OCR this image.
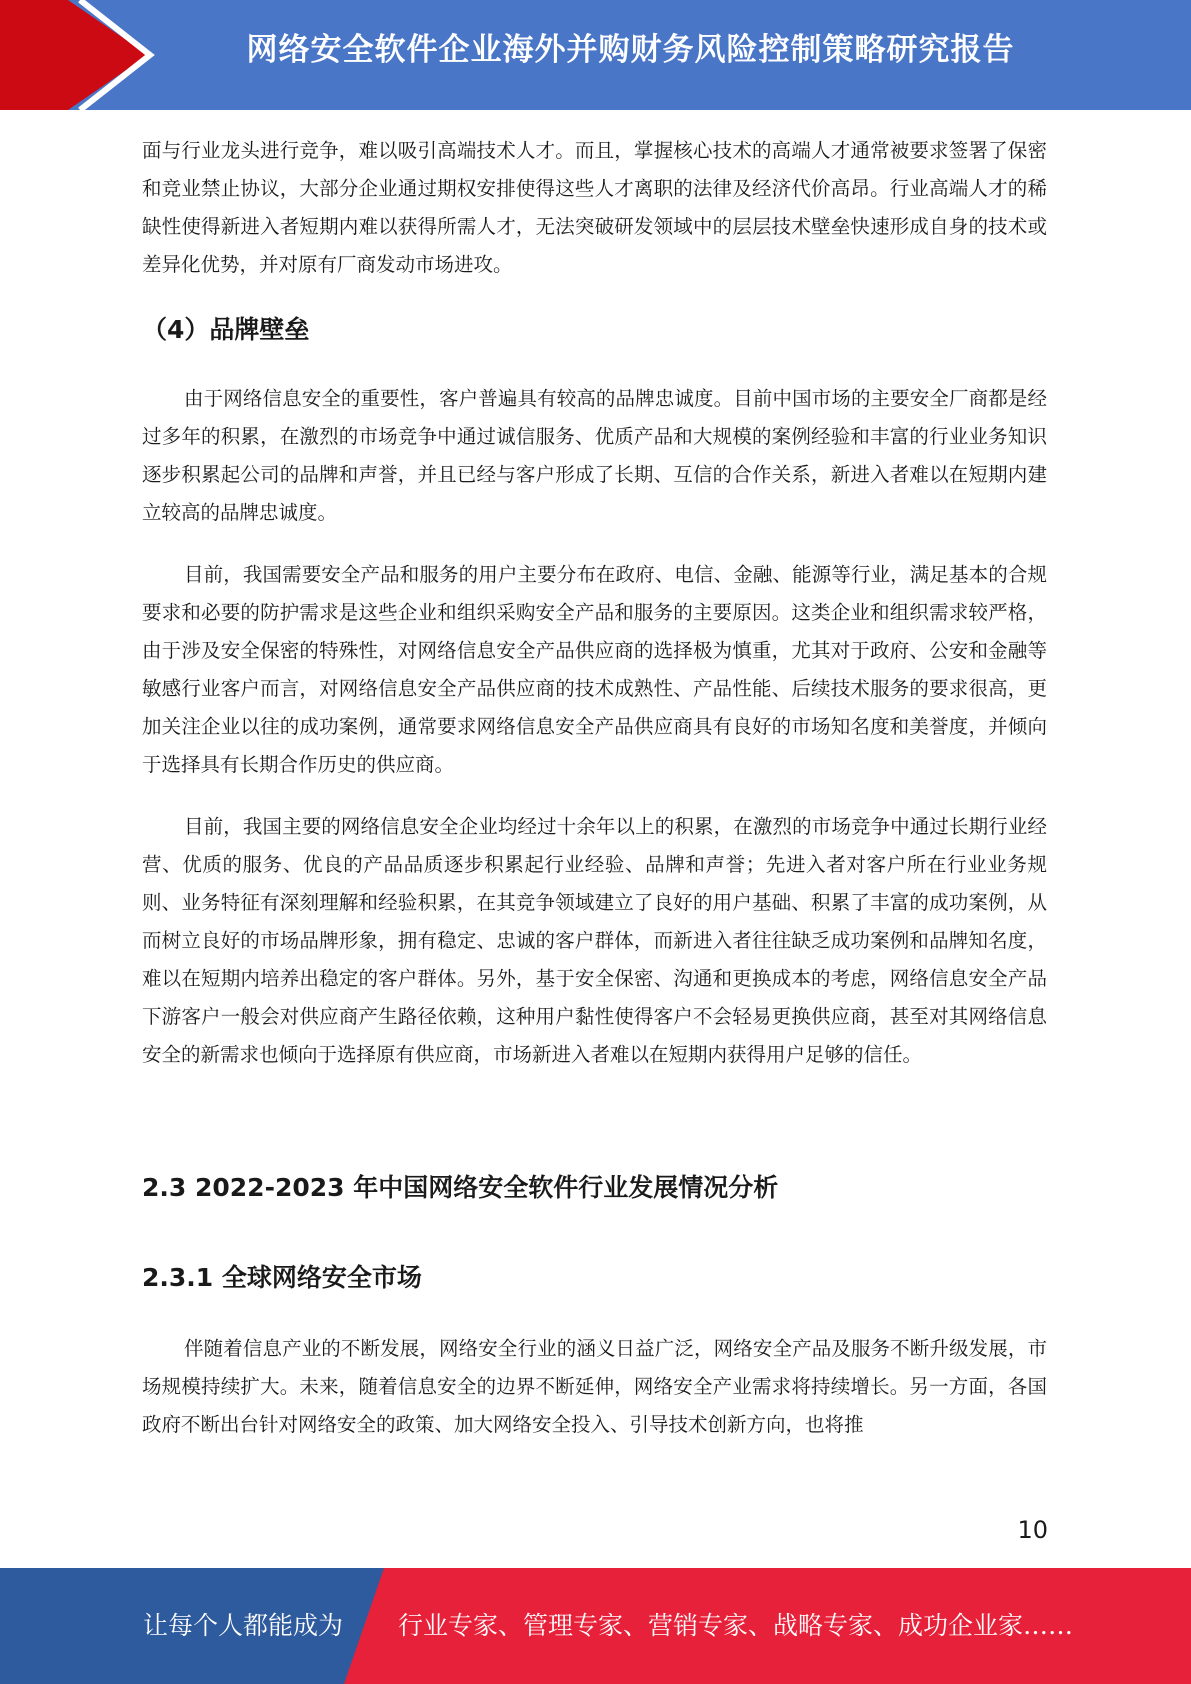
网络安全软件企业海外并购财务风险控制策略研究报告

面与行业龙头进行竞争，难以吸引高端技术人才。而且，掌握核心技术的高端人才通常被要求签署了保密和竞业禁止协议，大部分企业通过期权安排使得这些人才离职的法律及经济代价高昂。行业高端人才的稀缺性使得新进入者短期内难以获得所需人才，无法突破研发领域中的层层技术壁垒快速形成自身的技术或差异化优势，并对原有厂商发动市场进攻。

（4）品牌壁垒

由于网络信息安全的重要性，客户普遍具有较高的品牌忠诚度。目前中国市场的主要安全厂商都是经过多年的积累，在激烈的市场竞争中通过诚信服务、优质产品和大规模的案例经验和丰富的行业业务知识逐步积累起公司的品牌和声誉，并且已经与客户形成了长期、互信的合作关系，新进入者难以在短期内建立较高的品牌忠诚度。

目前，我国需要安全产品和服务的用户主要分布在政府、电信、金融、能源等行业，满足基本的合规要求和必要的防护需求是这些企业和组织采购安全产品和服务的主要原因。这类企业和组织需求较严格，由于涉及安全保密的特殊性，对网络信息安全产品供应商的选择极为慎重，尤其对于政府、公安和金融等敏感行业客户而言，对网络信息安全产品供应商的技术成熟性、产品性能、后续技术服务的要求很高，更加关注企业以往的成功案例，通常要求网络信息安全产品供应商具有良好的市场知名度和美誉度，并倾向于选择具有长期合作历史的供应商。

目前，我国主要的网络信息安全企业均经过十余年以上的积累，在激烈的市场竞争中通过长期行业经营、优质的服务、优良的产品品质逐步积累起行业经验、品牌和声誉；先进入者对客户所在行业业务规则、业务特征有深刻理解和经验积累，在其竞争领域建立了良好的用户基础、积累了丰富的成功案例，从而树立良好的市场品牌形象，拥有稳定、忠诚的客户群体，而新进入者往往缺乏成功案例和品牌知名度，难以在短期内培养出稳定的客户群体。另外，基于安全保密、沟通和更换成本的考虑，网络信息安全产品下游客户一般会对供应商产生路径依赖，这种用户黏性使得客户不会轻易更换供应商，甚至对其网络信息安全的新需求也倾向于选择原有供应商，市场新进入者难以在短期内获得用户足够的信任。

2.3 2022-2023 年中国网络安全软件行业发展情况分析
2.3.1 全球网络安全市场

伴随着信息产业的不断发展，网络安全行业的涵义日益广泛，网络安全产品及服务不断升级发展，市场规模持续扩大。未来，随着信息安全的边界不断延伸，网络安全产业需求将持续增长。另一方面，各国政府不断出台针对网络安全的政策、加大网络安全投入、引导技术创新方向，也将推

10
让每个人都能成为 行业专家、管理专家、营销专家、战略专家、成功企业家……
